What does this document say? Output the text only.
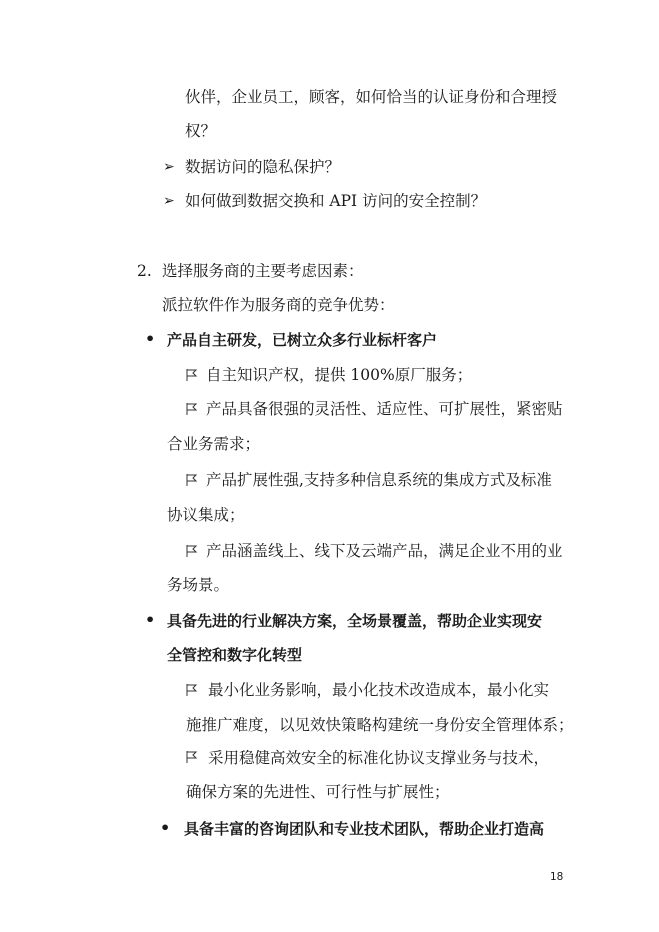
伙伴，企业员工，顾客，如何恰当的认证身份和合理授
权？
➢ 数据访问的隐私保护？
➢ 如何做到数据交换和 API 访问的安全控制？
2. 选择服务商的主要考虑因素：
派拉软件作为服务商的竞争优势：
• 产品自主研发，已树立众多行业标杆客户
自主知识产权，提供 100%原厂服务；
产品具备很强的灵活性、适应性、可扩展性，紧密贴
合业务需求；
产品扩展性强,支持多种信息系统的集成方式及标准
协议集成；
产品涵盖线上、线下及云端产品，满足企业不用的业
务场景。
• 具备先进的行业解决方案，全场景覆盖，帮助企业实现安
全管控和数字化转型
最小化业务影响，最小化技术改造成本，最小化实
施推广难度，以见效快策略构建统一身份安全管理体系；
采用稳健高效安全的标准化协议支撑业务与技术，
确保方案的先进性、可行性与扩展性；
• 具备丰富的咨询团队和专业技术团队，帮助企业打造高
18
